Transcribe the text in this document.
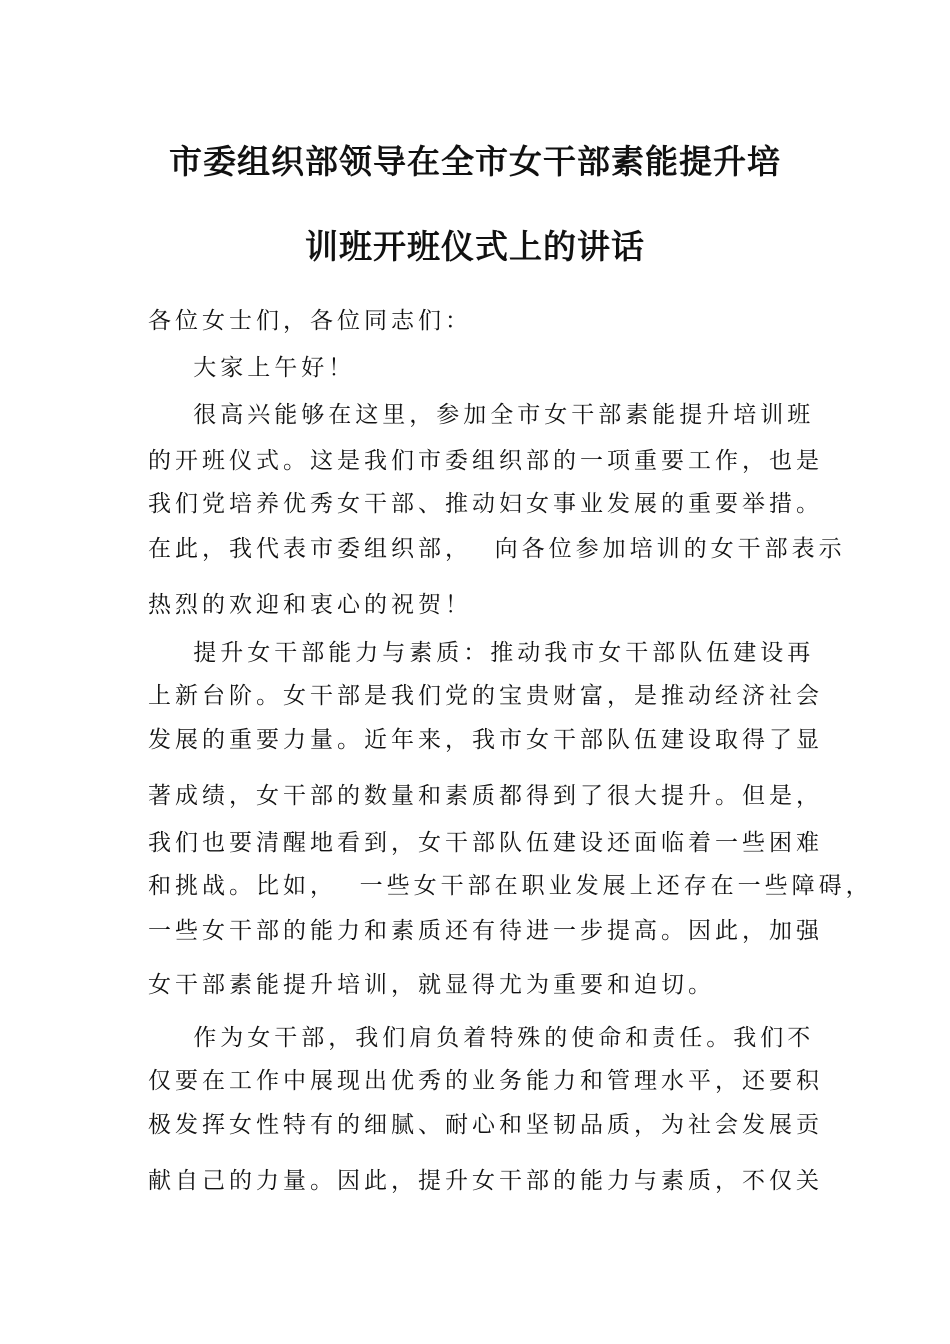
市委组织部领导在全市女干部素能提升培
训班开班仪式上的讲话
各位女士们，各位同志们：
大家上午好！
很高兴能够在这里，参加全市女干部素能提升培训班
的开班仪式。这是我们市委组织部的一项重要工作，也是
我们党培养优秀女干部、推动妇女事业发展的重要举措。
在此，我代表市委组织部，  向各位参加培训的女干部表示
热烈的欢迎和衷心的祝贺！
提升女干部能力与素质：推动我市女干部队伍建设再
上新台阶。女干部是我们党的宝贵财富，是推动经济社会
发展的重要力量。近年来，我市女干部队伍建设取得了显
著成绩，女干部的数量和素质都得到了很大提升。但是，
我们也要清醒地看到，女干部队伍建设还面临着一些困难
和挑战。比如，  一些女干部在职业发展上还存在一些障碍，
一些女干部的能力和素质还有待进一步提高。因此，加强
女干部素能提升培训，就显得尤为重要和迫切。
作为女干部，我们肩负着特殊的使命和责任。我们不
仅要在工作中展现出优秀的业务能力和管理水平，还要积
极发挥女性特有的细腻、耐心和坚韧品质，为社会发展贡
献自己的力量。因此，提升女干部的能力与素质，不仅关
